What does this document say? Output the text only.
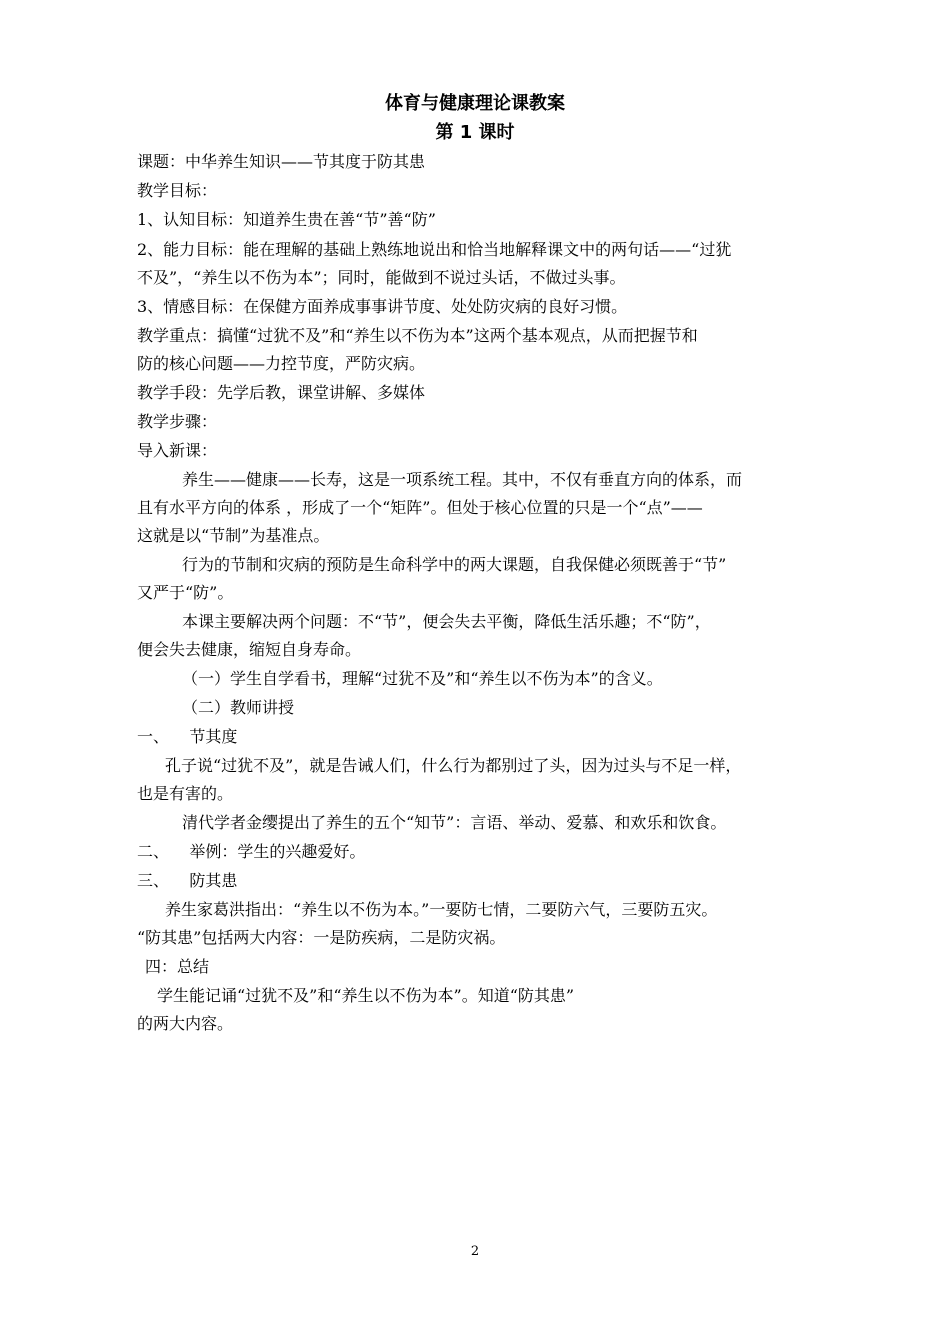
体育与健康理论课教案
第 1 课时
课题：中华养生知识——节其度于防其患
教学目标：
1、认知目标：知道养生贵在善“节”善“防”
2、能力目标：能在理解的基础上熟练地说出和恰当地解释课文中的两句话——“过犹
不及”，“养生以不伤为本”；同时，能做到不说过头话，不做过头事。
3、情感目标：在保健方面养成事事讲节度、处处防灾病的良好习惯。
教学重点：搞懂“过犹不及”和“养生以不伤为本”这两个基本观点，从而把握节和
防的核心问题——力控节度，严防灾病。
教学手段：先学后教，课堂讲解、多媒体
教学步骤：
导入新课：
养生——健康——长寿，这是一项系统工程。其中，不仅有垂直方向的体系，而
且有水平方向的体系 ，形成了一个“矩阵”。但处于核心位置的只是一个“点”——
这就是以“节制”为基准点。
行为的节制和灾病的预防是生命科学中的两大课题，自我保健必须既善于“节”
又严于“防”。
本课主要解决两个问题：不“节”，便会失去平衡，降低生活乐趣；不“防”，
便会失去健康，缩短自身寿命。
（一）学生自学看书，理解“过犹不及”和“养生以不伤为本”的含义。
（二）教师讲授
一、    节其度
孔子说“过犹不及”，就是告诫人们，什么行为都别过了头，因为过头与不足一样，
也是有害的。
清代学者金缨提出了养生的五个“知节”：言语、举动、爱慕、和欢乐和饮食。
二、    举例：学生的兴趣爱好。
三、    防其患
养生家葛洪指出：“养生以不伤为本。”一要防七情，二要防六气，三要防五灾。
“防其患”包括两大内容：一是防疾病，二是防灾祸。
四：总结
学生能记诵“过犹不及”和“养生以不伤为本”。知道“防其患”
的两大内容。
2
